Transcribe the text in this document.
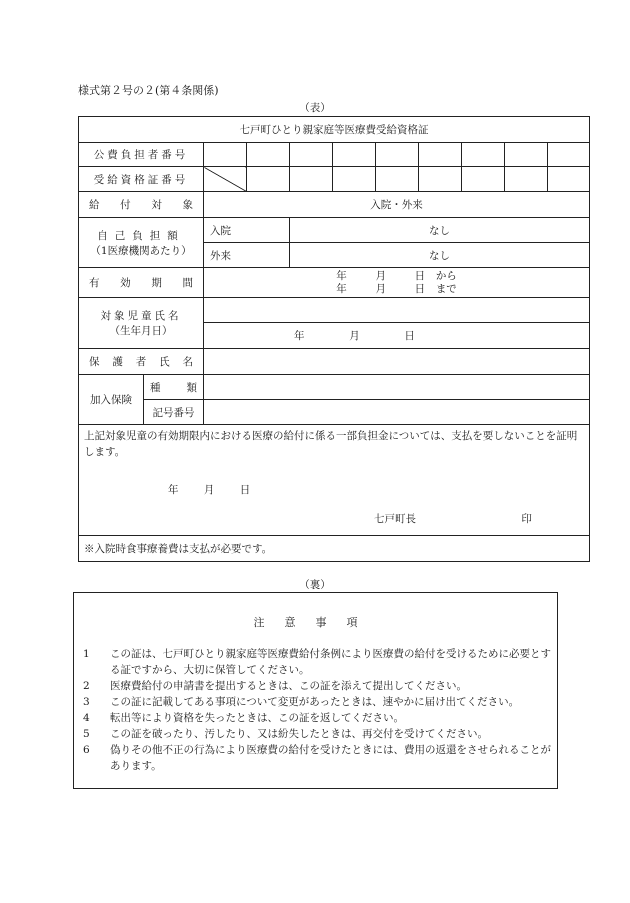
様式第２号の２(第４条関係)
（表）
七戸町ひとり親家庭等医療費受給資格証										
公費負担者番号										
受給資格証番号										
給付対象		入院・外来								

自己負担額
（1医療機関あたり）		入院		なし						
		外来		なし						
有効期間		年 月 日 から
年 月 日 まで								

対象児童氏名
（生年月日）										

		年 月 日								

保護者氏名										
加入保険	種類									
	記号番号									

上記対象児童の有効期限内における医療の給付に係る一部負担金については、支払を要しないことを証明します。
年 月 日
七戸町長 印										

※入院時食事療養費は支払が必要です。										
（裏）
注意事項
1 この証は、七戸町ひとり親家庭等医療費給付条例により医療費の給付を受けるために必要とする証ですから、大切に保管してください。
2 医療費給付の申請書を提出するときは、この証を添えて提出してください。
3 この証に記載してある事項について変更があったときは、速やかに届け出てください。
4 転出等により資格を失ったときは、この証を返してください。
5 この証を破ったり、汚したり、又は紛失したときは、再交付を受けてください。
6 偽りその他不正の行為により医療費の給付を受けたときには、費用の返還をさせられることがあります。
